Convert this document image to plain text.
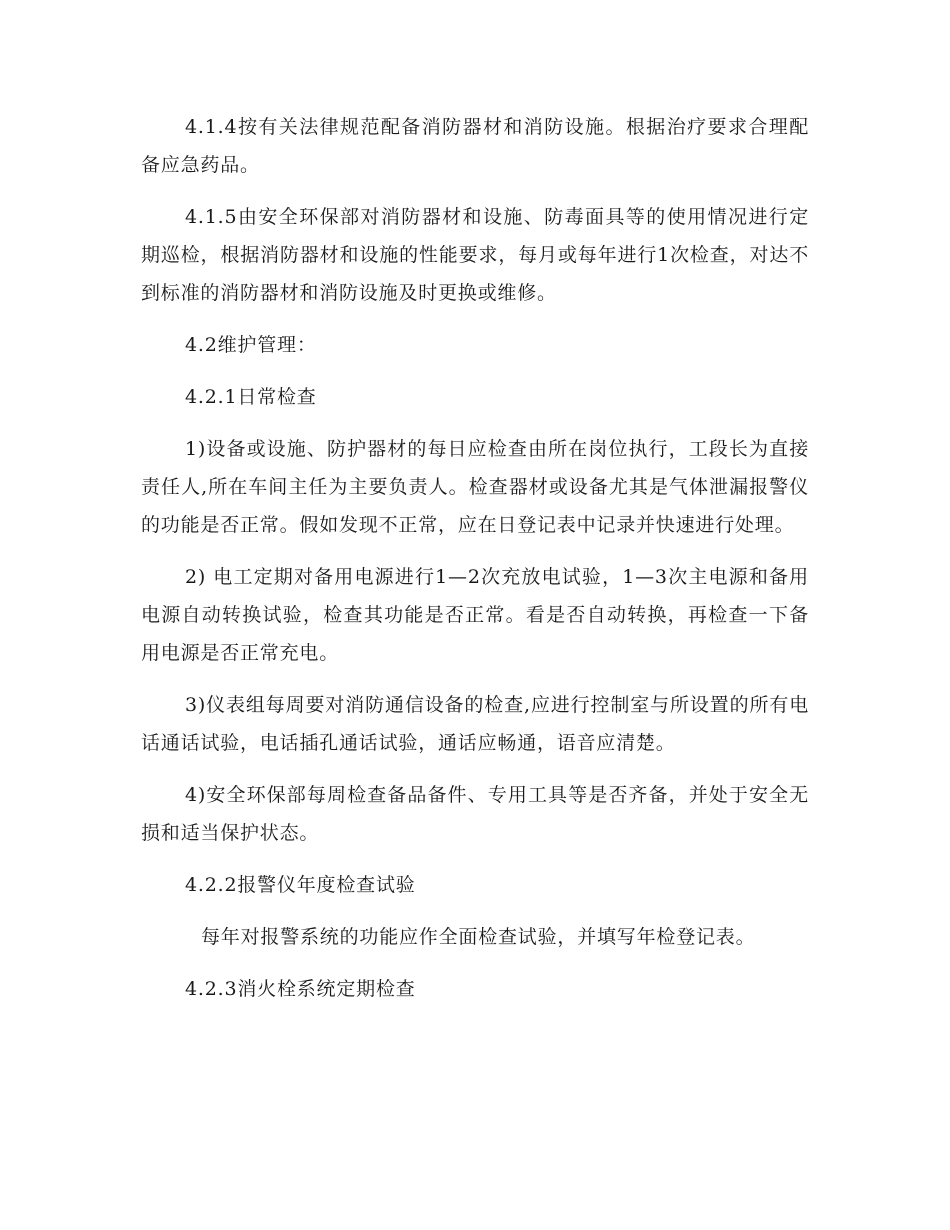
4.1.4按有关法律规范配备消防器材和消防设施。根据治疗要求合理配备应急药品。

4.1.5由安全环保部对消防器材和设施、防毒面具等的使用情况进行定期巡检，根据消防器材和设施的性能要求，每月或每年进行1次检查，对达不到标准的消防器材和消防设施及时更换或维修。

4.2维护管理：

4.2.1日常检查

1)设备或设施、防护器材的每日应检查由所在岗位执行，工段长为直接责任人,所在车间主任为主要负责人。检查器材或设备尤其是气体泄漏报警仪的功能是否正常。假如发现不正常，应在日登记表中记录并快速进行处理。

2) 电工定期对备用电源进行1—2次充放电试验，1—3次主电源和备用电源自动转换试验，检查其功能是否正常。看是否自动转换，再检查一下备用电源是否正常充电。

3)仪表组每周要对消防通信设备的检查,应进行控制室与所设置的所有电话通话试验，电话插孔通话试验，通话应畅通，语音应清楚。

4)安全环保部每周检查备品备件、专用工具等是否齐备，并处于安全无损和适当保护状态。

4.2.2报警仪年度检查试验

每年对报警系统的功能应作全面检查试验，并填写年检登记表。

4.2.3消火栓系统定期检查
